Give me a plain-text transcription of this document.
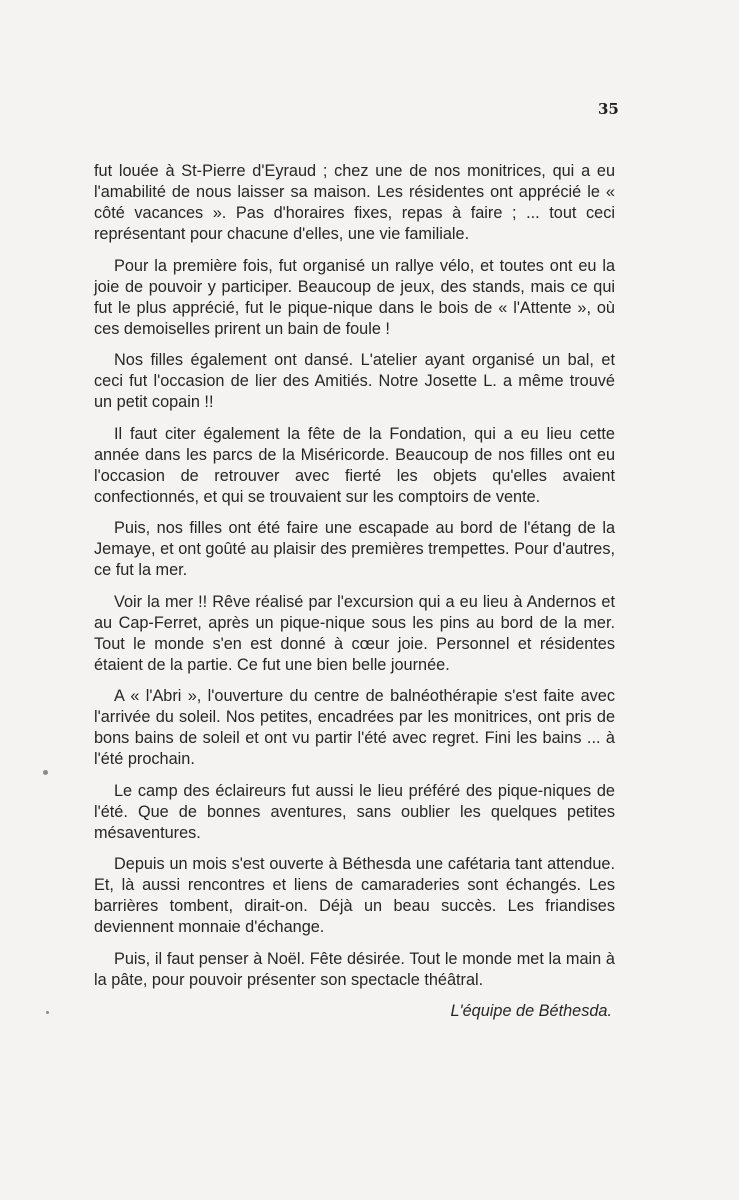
35

fut louée à St-Pierre d'Eyraud ; chez une de nos monitrices, qui a eu l'amabilité de nous laisser sa maison. Les résidentes ont apprécié le « côté vacances ». Pas d'horaires fixes, repas à faire ; ... tout ceci représentant pour chacune d'elles, une vie familiale.

Pour la première fois, fut organisé un rallye vélo, et toutes ont eu la joie de pouvoir y participer. Beaucoup de jeux, des stands, mais ce qui fut le plus apprécié, fut le pique-nique dans le bois de « l'Attente », où ces demoiselles prirent un bain de foule !

Nos filles également ont dansé. L'atelier ayant organisé un bal, et ceci fut l'occasion de lier des Amitiés. Notre Josette L. a même trouvé un petit copain !!

Il faut citer également la fête de la Fondation, qui a eu lieu cette année dans les parcs de la Miséricorde. Beaucoup de nos filles ont eu l'occasion de retrouver avec fierté les objets qu'elles avaient confectionnés, et qui se trouvaient sur les comptoirs de vente.

Puis, nos filles ont été faire une escapade au bord de l'étang de la Jemaye, et ont goûté au plaisir des premières trempettes. Pour d'autres, ce fut la mer.

Voir la mer !! Rêve réalisé par l'excursion qui a eu lieu à Andernos et au Cap-Ferret, après un pique-nique sous les pins au bord de la mer. Tout le monde s'en est donné à cœur joie. Personnel et résidentes étaient de la partie. Ce fut une bien belle journée.

A « l'Abri », l'ouverture du centre de balnéothérapie s'est faite avec l'arrivée du soleil. Nos petites, encadrées par les monitrices, ont pris de bons bains de soleil et ont vu partir l'été avec regret. Fini les bains ... à l'été prochain.

Le camp des éclaireurs fut aussi le lieu préféré des pique-niques de l'été. Que de bonnes aventures, sans oublier les quelques petites mésaventures.

Depuis un mois s'est ouverte à Béthesda une cafétaria tant attendue. Et, là aussi rencontres et liens de camaraderies sont échangés. Les barrières tombent, dirait-on. Déjà un beau succès. Les friandises deviennent monnaie d'échange.

Puis, il faut penser à Noël. Fête désirée. Tout le monde met la main à la pâte, pour pouvoir présenter son spectacle théâtral.

L'équipe de Béthesda.
